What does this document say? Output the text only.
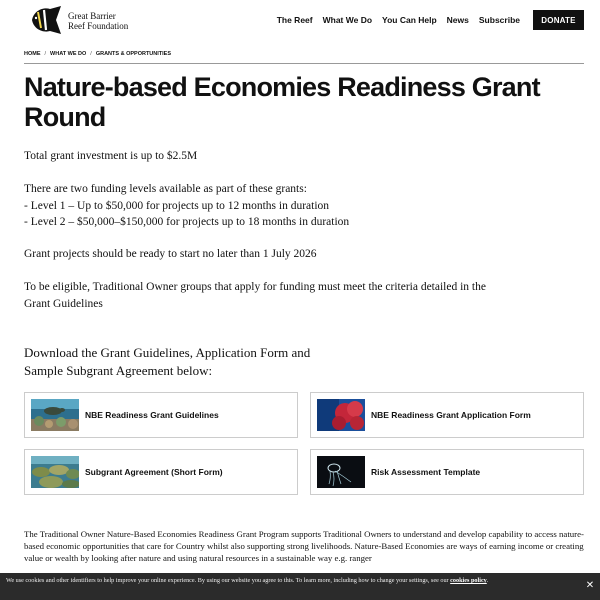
Great Barrier
Reef Foundation
The Reef What We Do You Can Help News Subscribe	DONATE
HOME / WHAT WE DO / GRANTS & OPPORTUNITIES
Nature-based Economies Readiness Grant Round
Total grant investment is up to $2.5M
There are two funding levels available as part of these grants:
- Level 1 – Up to $50,000 for projects up to 12 months in duration
- Level 2 – $50,000–$150,000 for projects up to 18 months in duration
Grant projects should be ready to start no later than 1 July 2026
To be eligible, Traditional Owner groups that apply for funding must meet the criteria detailed in the Grant Guidelines
Download the Grant Guidelines, Application Form and
Sample Subgrant Agreement below:
NBE Readiness Grant Guidelines	NBE Readiness Grant Application Form
Subgrant Agreement (Short Form)	Risk Assessment Template
The Traditional Owner Nature-Based Economies Readiness Grant Program supports Traditional Owners to understand and develop capability to access nature-based economic opportunities that care for Country whilst also supporting strong livelihoods. Nature-Based Economies are ways of earning income or creating value or wealth by looking after nature and using natural resources in a sustainable way e.g. ranger
We use cookies and other identifiers to help improve your online experience. By using our website you agree to this. To learn more, including how to change your settings, see our cookies policy.	✕
